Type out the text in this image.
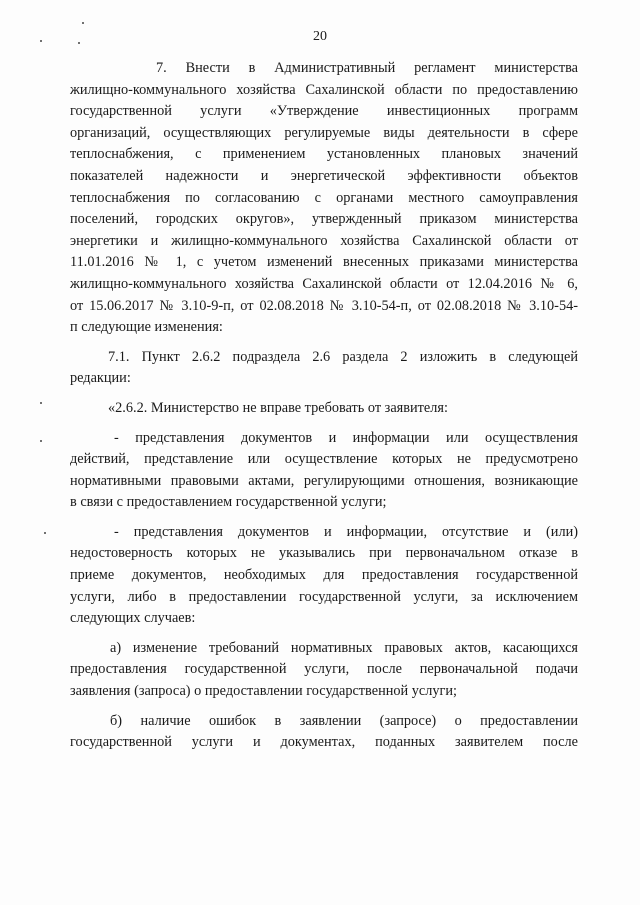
20
7. Внести в Административный регламент министерства
жилищно-коммунального хозяйства Сахалинской области по предоставлению
государственной услуги «Утверждение инвестиционных программ
организаций, осуществляющих регулируемые виды деятельности в сфере
теплоснабжения, с применением установленных плановых значений
показателей надежности и энергетической эффективности объектов
теплоснабжения по согласованию с органами местного самоуправления
поселений, городских округов», утвержденный приказом министерства
энергетики и жилищно-коммунального хозяйства Сахалинской области от
11.01.2016 № 1, с учетом изменений внесенных приказами министерства
жилищно-коммунального хозяйства Сахалинской области от 12.04.2016 № 6,
от 15.06.2017 № 3.10-9-п, от 02.08.2018 № 3.10-54-п, от 02.08.2018 № 3.10-54-
п следующие изменения:
7.1. Пункт 2.6.2 подраздела 2.6 раздела 2 изложить в следующей
редакции:
«2.6.2. Министерство не вправе требовать от заявителя:
- представления документов и информации или осуществления
действий, представление или осуществление которых не предусмотрено
нормативными правовыми актами, регулирующими отношения, возникающие
в связи с предоставлением государственной услуги;
- представления документов и информации, отсутствие и (или)
недостоверность которых не указывались при первоначальном отказе в
приеме документов, необходимых для предоставления государственной
услуги, либо в предоставлении государственной услуги, за исключением
следующих случаев:
а) изменение требований нормативных правовых актов, касающихся
предоставления государственной услуги, после первоначальной подачи
заявления (запроса) о предоставлении государственной услуги;
б) наличие ошибок в заявлении (запросе) о предоставлении
государственной услуги и документах, поданных заявителем после
